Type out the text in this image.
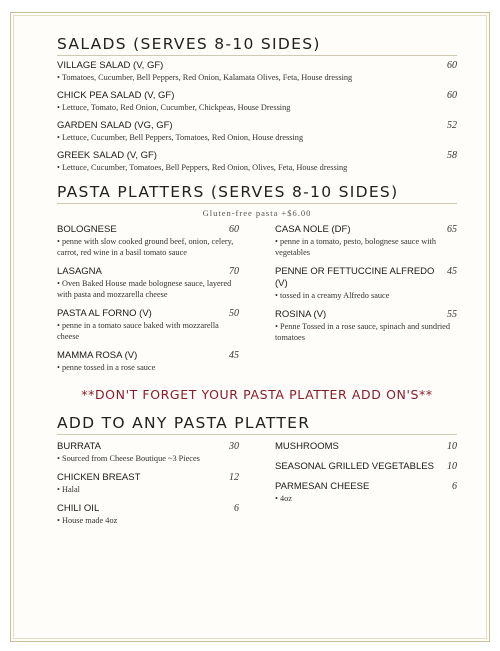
SALADS (SERVES 8-10 SIDES)
VILLAGE SALAD (V, GF)	60
• Tomatoes, Cucumber, Bell Peppers, Red Onion, Kalamata Olives, Feta, House dressing
CHICK PEA SALAD (V, GF)	60
• Lettuce, Tomato, Red Onion, Cucumber, Chickpeas, House Dressing
GARDEN SALAD (VG, GF)	52
• Lettuce, Cucumber, Bell Peppers, Tomatoes, Red Onion, House dressing
GREEK SALAD (V, GF)	58
• Lettuce, Cucumber, Tomatoes, Bell Peppers, Red Onion, Olives, Feta, House dressing
PASTA PLATTERS (SERVES 8-10 SIDES)
Gluten-free pasta +$6.00
BOLOGNESE	60
• penne with slow cooked ground beef, onion, celery, carrot, red wine in a basil tomato sauce
LASAGNA	70
• Oven Baked House made bolognese sauce, layered with pasta and mozzarella cheese
PASTA AL FORNO (V)	50
• penne in a tomato sauce baked with mozzarella cheese
MAMMA ROSA (V)	45
• penne tossed in a rose sauce
CASA NOLE (DF)	65
• penne in a tomato, pesto, bolognese sauce with vegetables
PENNE OR FETTUCCINE ALFREDO (V)
45
• tossed in a creamy Alfredo sauce
ROSINA (V)	55
• Penne Tossed in a rose sauce, spinach and sundried tomatoes
**DON'T FORGET YOUR PASTA PLATTER ADD ON'S**
ADD TO ANY PASTA PLATTER
BURRATA	30
• Sourced from Cheese Boutique ~3 Pieces
CHICKEN BREAST	12
• Halal
CHILI OIL	6
• House made 4oz
MUSHROOMS	10
SEASONAL GRILLED VEGETABLES 10
PARMESAN CHEESE	6
• 4oz
